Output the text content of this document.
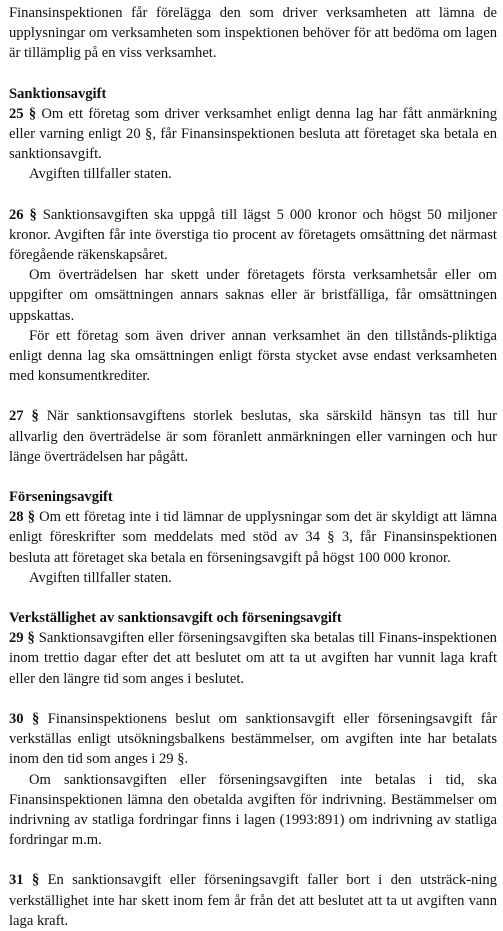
Finansinspektionen får förelägga den som driver verksamheten att lämna de upplysningar om verksamheten som inspektionen behöver för att bedöma om lagen är tillämplig på en viss verksamhet.

Sanktionsavgift

25 § Om ett företag som driver verksamhet enligt denna lag har fått anmärkning eller varning enligt 20 §, får Finansinspektionen besluta att företaget ska betala en sanktionsavgift.

Avgiften tillfaller staten.

26 § Sanktionsavgiften ska uppgå till lägst 5 000 kronor och högst 50 miljoner kronor. Avgiften får inte överstiga tio procent av företagets omsättning det närmast föregående räkenskapsåret.

Om överträdelsen har skett under företagets första verksamhetsår eller om uppgifter om omsättningen annars saknas eller är bristfälliga, får omsättningen uppskattas.

För ett företag som även driver annan verksamhet än den tillstånds-pliktiga enligt denna lag ska omsättningen enligt första stycket avse endast verksamheten med konsumentkrediter.

27 § När sanktionsavgiftens storlek beslutas, ska särskild hänsyn tas till hur allvarlig den överträdelse är som föranlett anmärkningen eller varningen och hur länge överträdelsen har pågått.

Förseningsavgift

28 § Om ett företag inte i tid lämnar de upplysningar som det är skyldigt att lämna enligt föreskrifter som meddelats med stöd av 34 § 3, får Finansinspektionen besluta att företaget ska betala en förseningsavgift på högst 100 000 kronor.

Avgiften tillfaller staten.

Verkställighet av sanktionsavgift och förseningsavgift

29 § Sanktionsavgiften eller förseningsavgiften ska betalas till Finans-inspektionen inom trettio dagar efter det att beslutet om att ta ut avgiften har vunnit laga kraft eller den längre tid som anges i beslutet.

30 § Finansinspektionens beslut om sanktionsavgift eller förseningsavgift får verkställas enligt utsökningsbalkens bestämmelser, om avgiften inte har betalats inom den tid som anges i 29 §.

Om sanktionsavgiften eller förseningsavgiften inte betalas i tid, ska Finansinspektionen lämna den obetalda avgiften för indrivning. Bestämmelser om indrivning av statliga fordringar finns i lagen (1993:891) om indrivning av statliga fordringar m.m.

31 § En sanktionsavgift eller förseningsavgift faller bort i den utsträck-ning verkställighet inte har skett inom fem år från det att beslutet att ta ut avgiften vann laga kraft.
